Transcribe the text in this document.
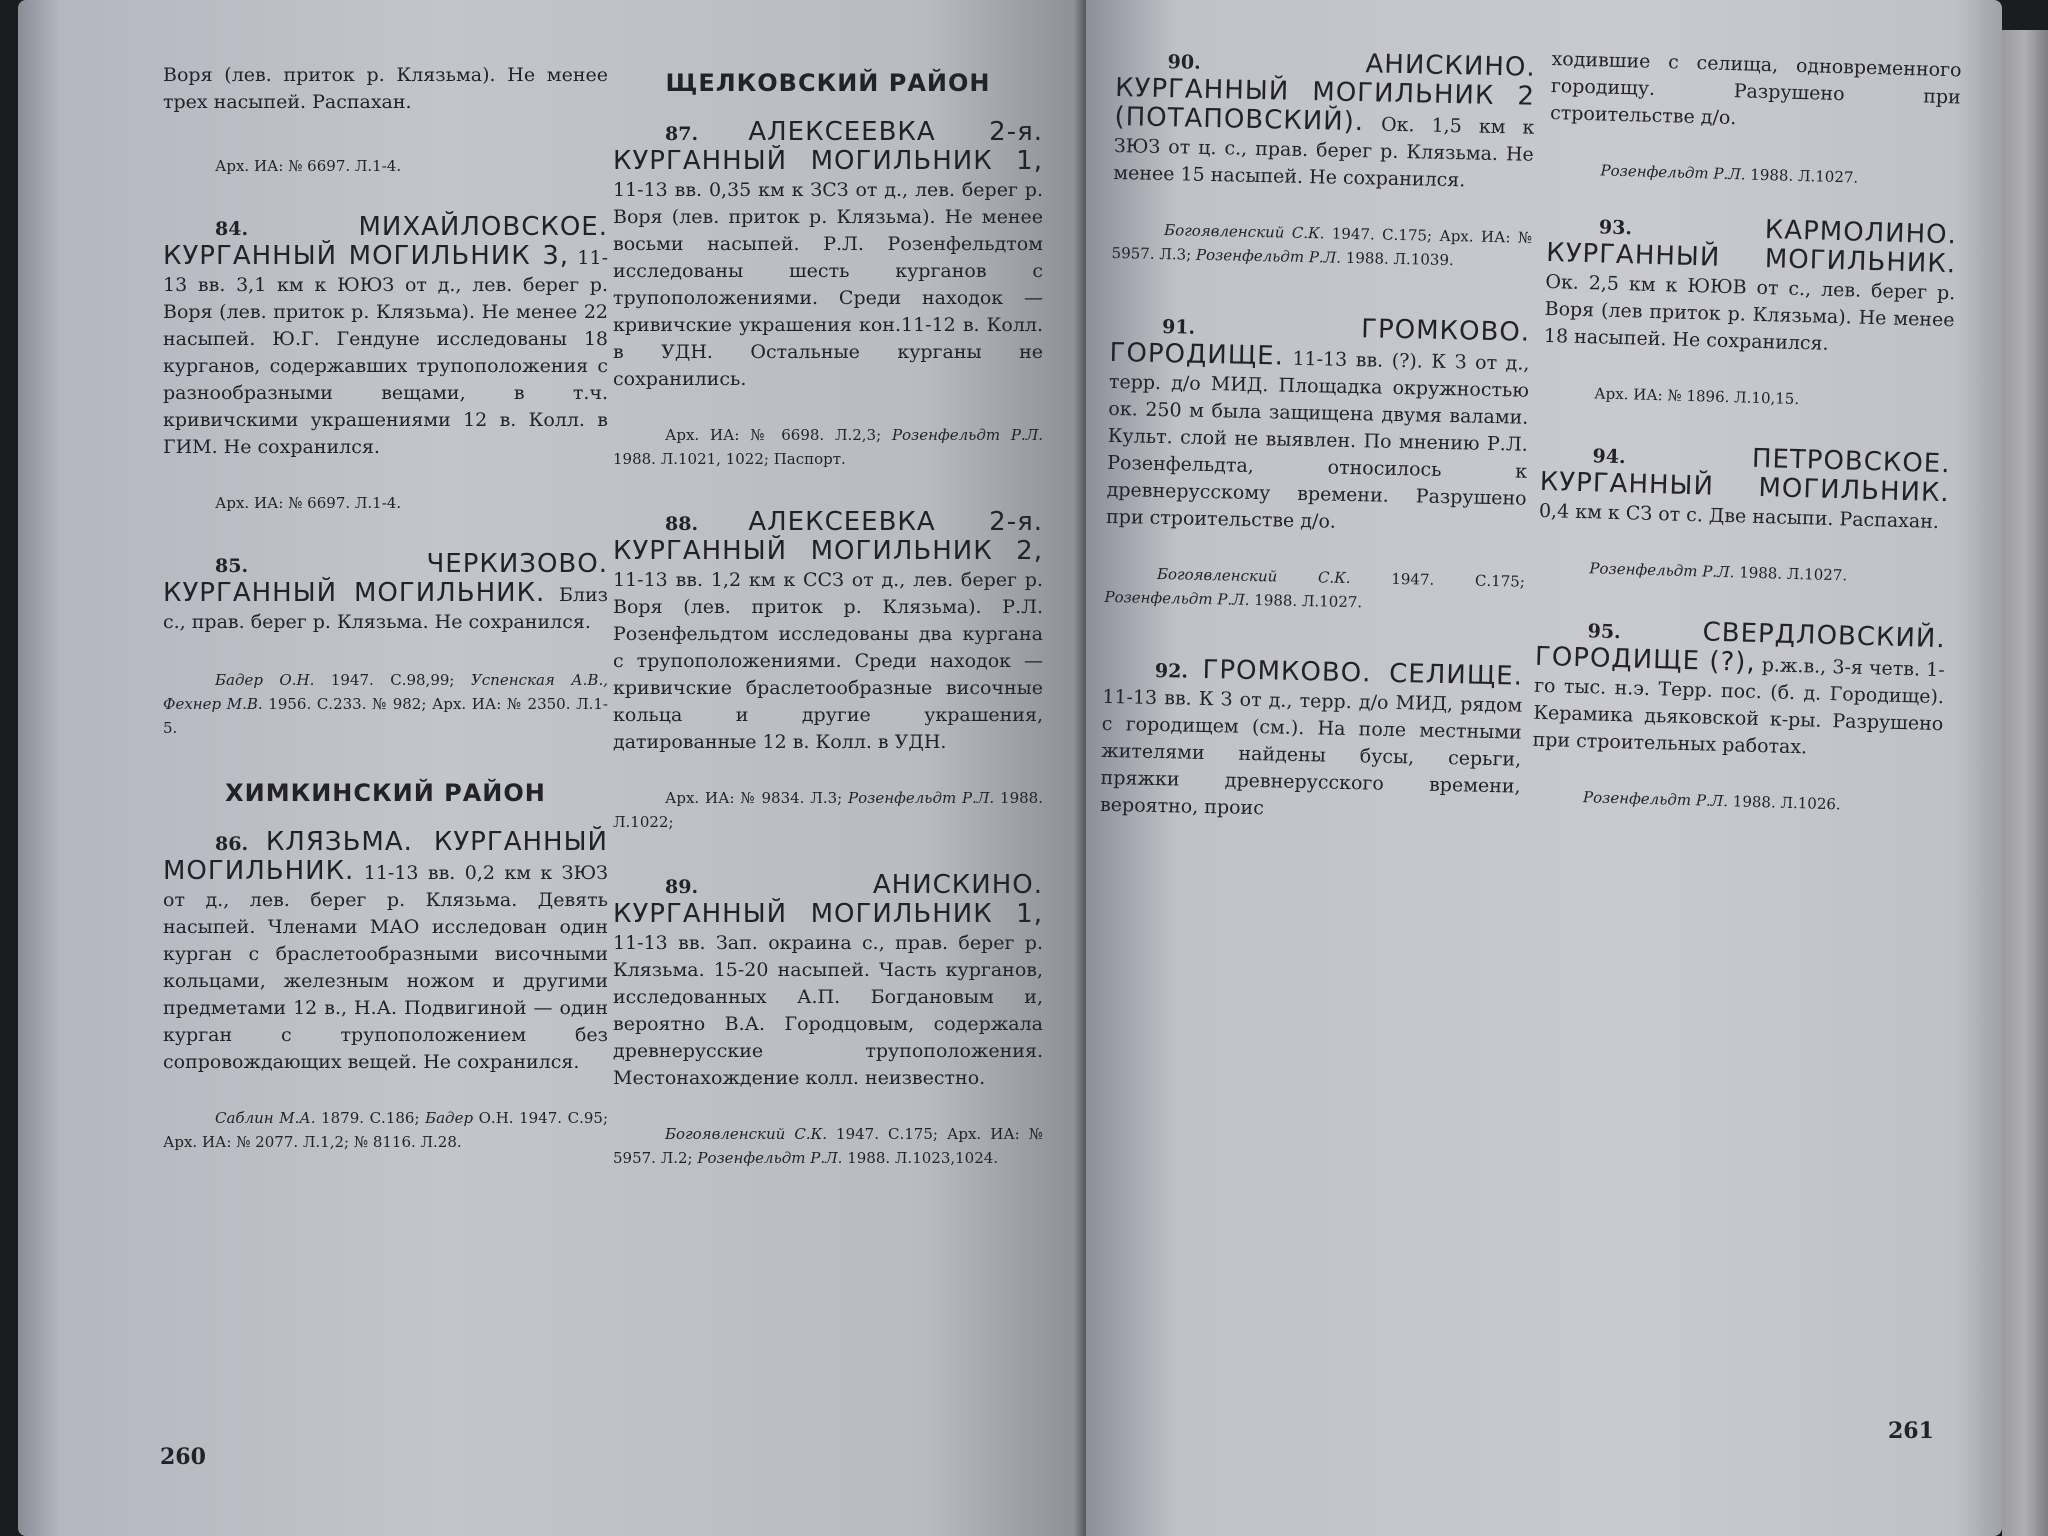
Воря (лев. приток р. Клязьма). Не менее трех насыпей. Распахан.

Арх. ИА: № 6697. Л.1-4.

84.	МИХАЙЛОВСКОЕ. КУРГАННЫЙ МОГИЛЬНИК 3, 11-13 вв. 3,1 км к ЮЮЗ от д., лев. берег р. Воря (лев. приток р. Клязьма). Не менее 22 насыпей. Ю.Г. Гендуне исследованы 18 курганов, содержавших трупоположения с разнообразными вещами, в т.ч. кривичскими украшениями 12 в. Колл. в ГИМ. Не сохранился.

Арх. ИА: № 6697. Л.1-4.

85.	ЧЕРКИЗОВО. КУРГАННЫЙ МОГИЛЬНИК. Близ с., прав. берег р. Клязьма. Не сохранился.

Бадер О.Н. 1947. С.98,99; Успенская А.В., Фехнер М.В. 1956. С.233. № 982; Арх. ИА: № 2350. Л.1-5.

ХИМКИНСКИЙ РАЙОН

86. КЛЯЗЬМА. КУРГАННЫЙ МОГИЛЬНИК. 11-13 вв. 0,2 км к ЗЮЗ от д., лев. берег р. Клязьма. Девять насыпей. Членами МАО исследован один курган с браслетообразными височными кольцами, железным ножом и другими предметами 12 в., Н.А. Подвигиной — один курган с трупоположением без сопровождающих вещей. Не сохранился.

Саблин М.А. 1879. С.186; Бадер О.Н. 1947. С.95; Арх. ИА: № 2077. Л.1,2; № 8116. Л.28.

ЩЕЛКОВСКИЙ РАЙОН

87. АЛЕКСЕЕВКА 2-я. КУРГАННЫЙ МОГИЛЬНИК 1, 11-13 вв. 0,35 км к ЗСЗ от д., лев. берег р. Воря (лев. приток р. Клязьма). Не менее восьми насыпей. Р.Л. Розенфельдтом исследованы шесть курганов с трупоположениями. Среди находок — кривичские украшения кон.11-12 в. Колл. в УДН. Остальные курганы не сохранились.

Арх. ИА: № 6698. Л.2,3; Розенфельдт Р.Л. 1988. Л.1021, 1022; Паспорт.

88. АЛЕКСЕЕВКА 2-я. КУРГАННЫЙ МОГИЛЬНИК 2, 11-13 вв. 1,2 км к ССЗ от д., лев. берег р. Воря (лев. приток р. Клязьма). Р.Л. Розенфельдтом исследованы два кургана с трупоположениями. Среди находок — кривичские браслетообразные височные кольца и другие украшения, датированные 12 в. Колл. в УДН.

Арх. ИА: № 9834. Л.3; Розенфельдт Р.Л. 1988. Л.1022;

89.	АНИСКИНО. КУРГАННЫЙ МОГИЛЬНИК 1, 11-13 вв. Зап. окраина с., прав. берег р. Клязьма. 15-20 насыпей. Часть курганов, исследованных А.П. Богдановым и, вероятно В.А. Городцовым, содержала древнерусские трупоположения. Местонахождение колл. неизвестно.

Богоявленский С.К. 1947. С.175; Арх. ИА: № 5957. Л.2; Розенфельдт Р.Л. 1988. Л.1023,1024.

260

90.	АНИСКИНО. КУРГАННЫЙ МОГИЛЬНИК 2 (ПОТАПОВСКИЙ). Ок. 1,5 км к ЗЮЗ от ц. с., прав. берег р. Клязьма. Не менее 15 насыпей. Не сохранился.

Богоявленский С.К. 1947. С.175; Арх. ИА: № 5957. Л.3; Розенфельдт Р.Л. 1988. Л.1039.

91.	ГРОМКОВО. ГОРОДИЩЕ. 11-13 вв. (?). К З от д., терр. д/о МИД. Площадка окружностью ок. 250 м была защищена двумя валами. Культ. слой не выявлен. По мнению Р.Л. Розенфельдта, относилось к древнерусскому времени. Разрушено при строительстве д/о.

Богоявленский С.К.	1947. С.175; Розенфельдт Р.Л. 1988. Л.1027.

92. ГРОМКОВО. СЕЛИЩЕ. 11-13 вв. К З от д., терр. д/о МИД, рядом с городищем (см.). На поле местными жителями найдены бусы, серьги, пряжки древнерусского времени, вероятно, проис

ходившие с селища, одновременного городищу. Разрушено при строительстве д/о.

Розенфельдт Р.Л. 1988. Л.1027.

93.	КАРМОЛИНО. КУРГАННЫЙ МОГИЛЬНИК. Ок. 2,5 км к ЮЮВ от с., лев. берег р. Воря (лев приток р. Клязьма). Не менее 18 насыпей. Не сохранился.

Арх. ИА: № 1896. Л.10,15.

94.	ПЕТРОВСКОЕ. КУРГАННЫЙ МОГИЛЬНИК. 0,4 км к СЗ от с. Две насыпи. Распахан.

Розенфельдт Р.Л. 1988. Л.1027.

95.	СВЕРДЛОВСКИЙ. ГОРОДИЩЕ (?), р.ж.в., 3-я четв. 1-го тыс. н.э. Терр. пос. (б. д. Городище). Керамика дьяковской к-ры. Разрушено при строительных работах.

Розенфельдт Р.Л. 1988. Л.1026.

261
